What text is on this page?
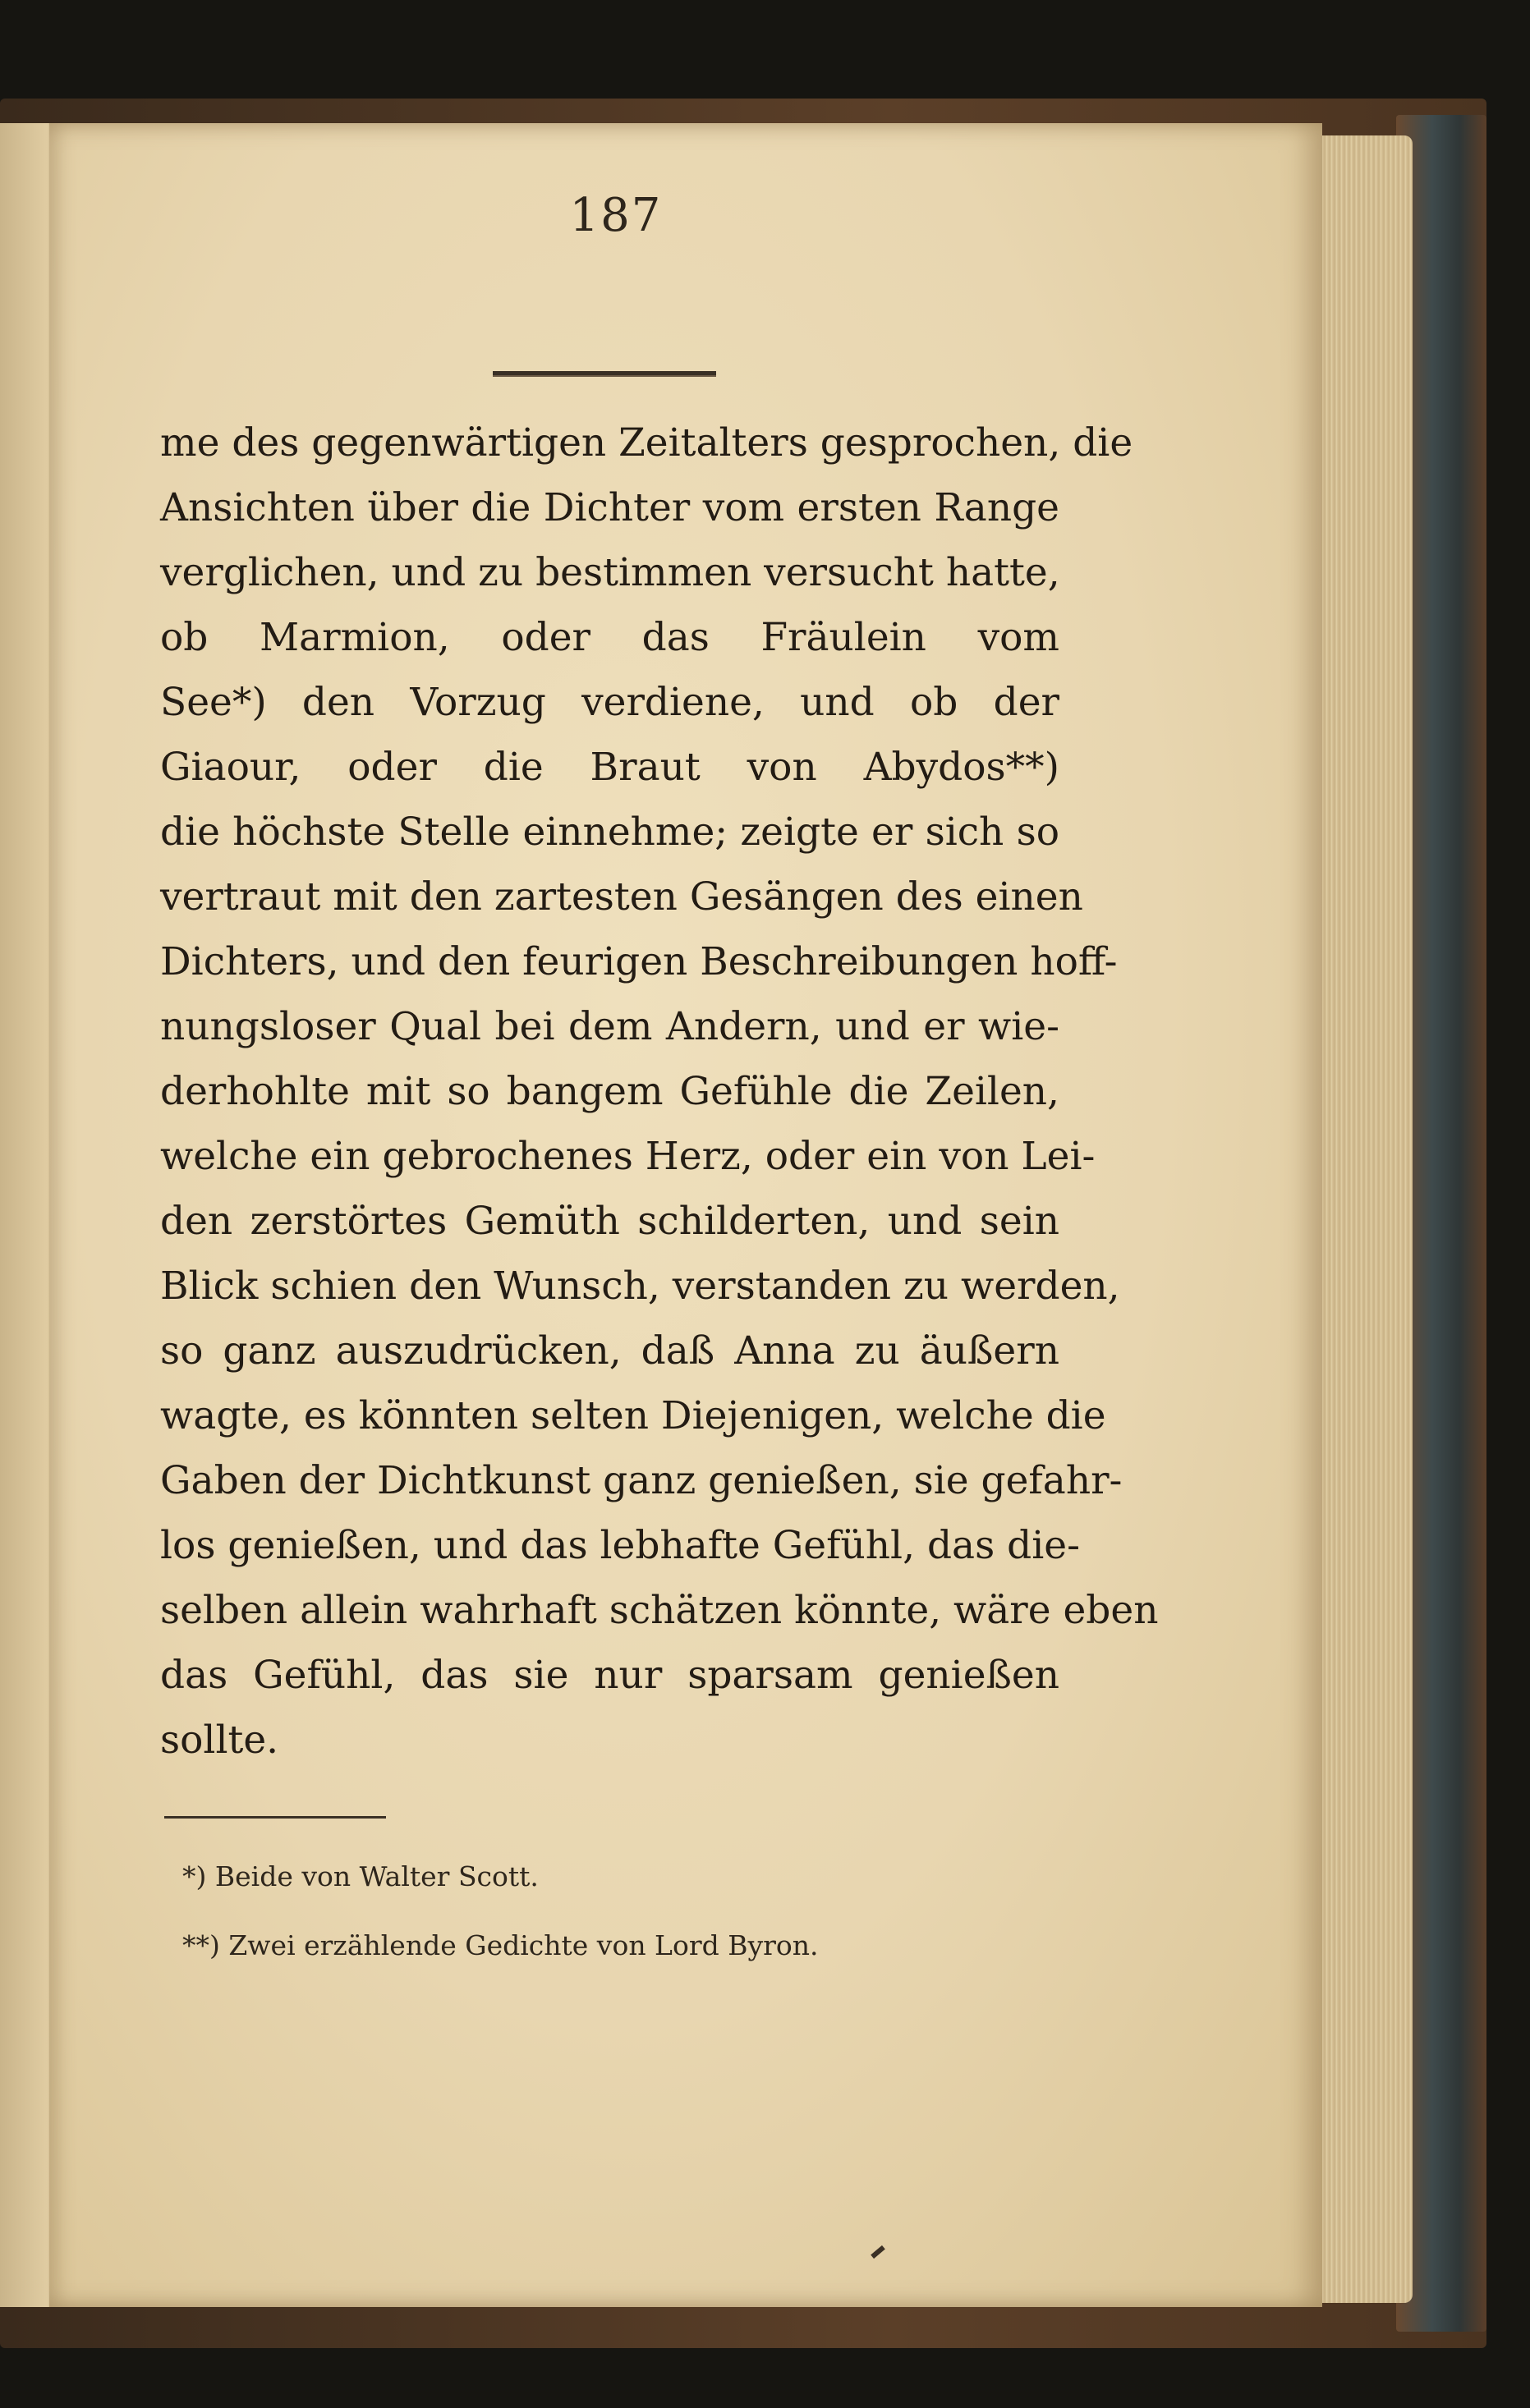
187
me des gegenwärtigen Zeitalters gesprochen, die
Ansichten über die Dichter vom ersten Range
verglichen, und zu bestimmen versucht hatte,
ob Marmion, oder das Fräulein vom
See*) den Vorzug verdiene, und ob der
Giaour, oder die Braut von Abydos**)
die höchste Stelle einnehme; zeigte er sich so
vertraut mit den zartesten Gesängen des einen
Dichters, und den feurigen Beschreibungen hoff-
nungsloser Qual bei dem Andern, und er wie-
derhohlte mit so bangem Gefühle die Zeilen,
welche ein gebrochenes Herz, oder ein von Lei-
den zerstörtes Gemüth schilderten, und sein
Blick schien den Wunsch, verstanden zu werden,
so ganz auszudrücken, daß Anna zu äußern
wagte, es könnten selten Diejenigen, welche die
Gaben der Dichtkunst ganz genießen, sie gefahr-
los genießen, und das lebhafte Gefühl, das die-
selben allein wahrhaft schätzen könnte, wäre eben
das Gefühl, das sie nur sparsam genießen
sollte.
*) Beide von Walter Scott.
**) Zwei erzählende Gedichte von Lord Byron.
